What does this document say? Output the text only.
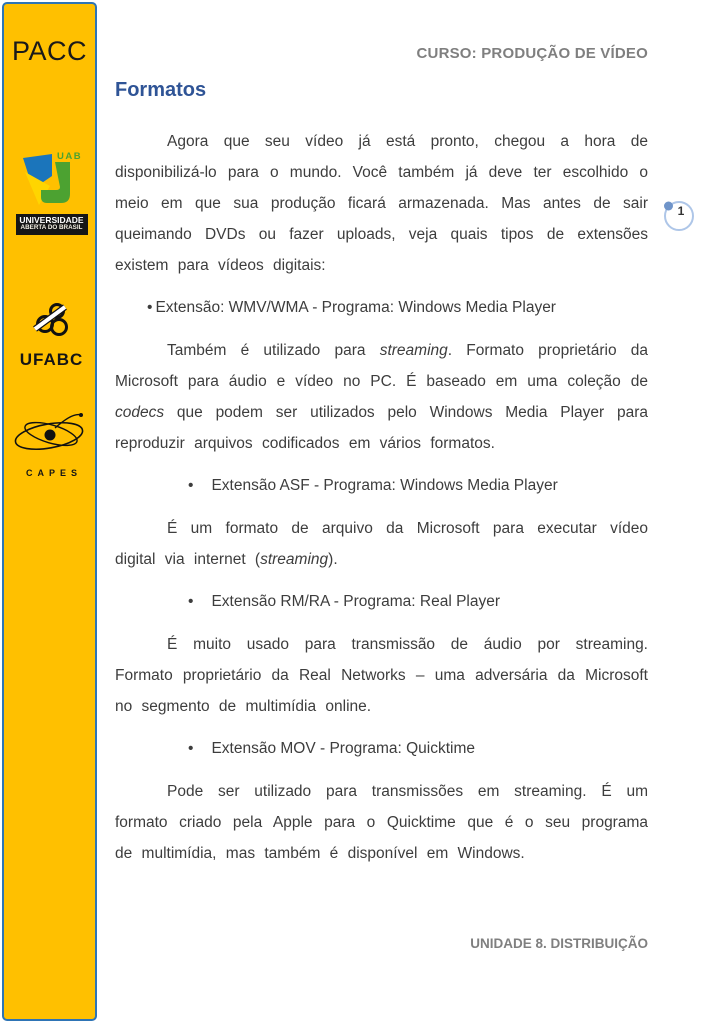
PACC
UAB
UNIVERSIDADE
ABERTA DO BRASIL
UFABC
CAPES
CURSO: PRODUÇÃO DE VÍDEO
Formatos

Agora que seu vídeo já está pronto, chegou a hora de disponibilizá-lo para o mundo. Você também já deve ter escolhido o meio em que sua produção ficará armazenada. Mas antes de sair queimando DVDs ou fazer uploads, veja quais tipos de extensões existem para vídeos digitais:

• Extensão: WMV/WMA - Programa: Windows Media Player

Também é utilizado para streaming. Formato proprietário da Microsoft para áudio e vídeo no PC. É baseado em uma coleção de codecs que podem ser utilizados pelo Windows Media Player para reproduzir arquivos codificados em vários formatos.

• Extensão ASF - Programa: Windows Media Player

É um formato de arquivo da Microsoft para executar vídeo digital via internet (streaming).

• Extensão RM/RA - Programa: Real Player

É muito usado para transmissão de áudio por streaming. Formato proprietário da Real Networks – uma adversária da Microsoft no segmento de multimídia online.

• Extensão MOV - Programa: Quicktime

Pode ser utilizado para transmissões em streaming. É um formato criado pela Apple para o Quicktime que é o seu programa de multimídia, mas também é disponível em Windows.

1
UNIDADE 8. DISTRIBUIÇÃO
